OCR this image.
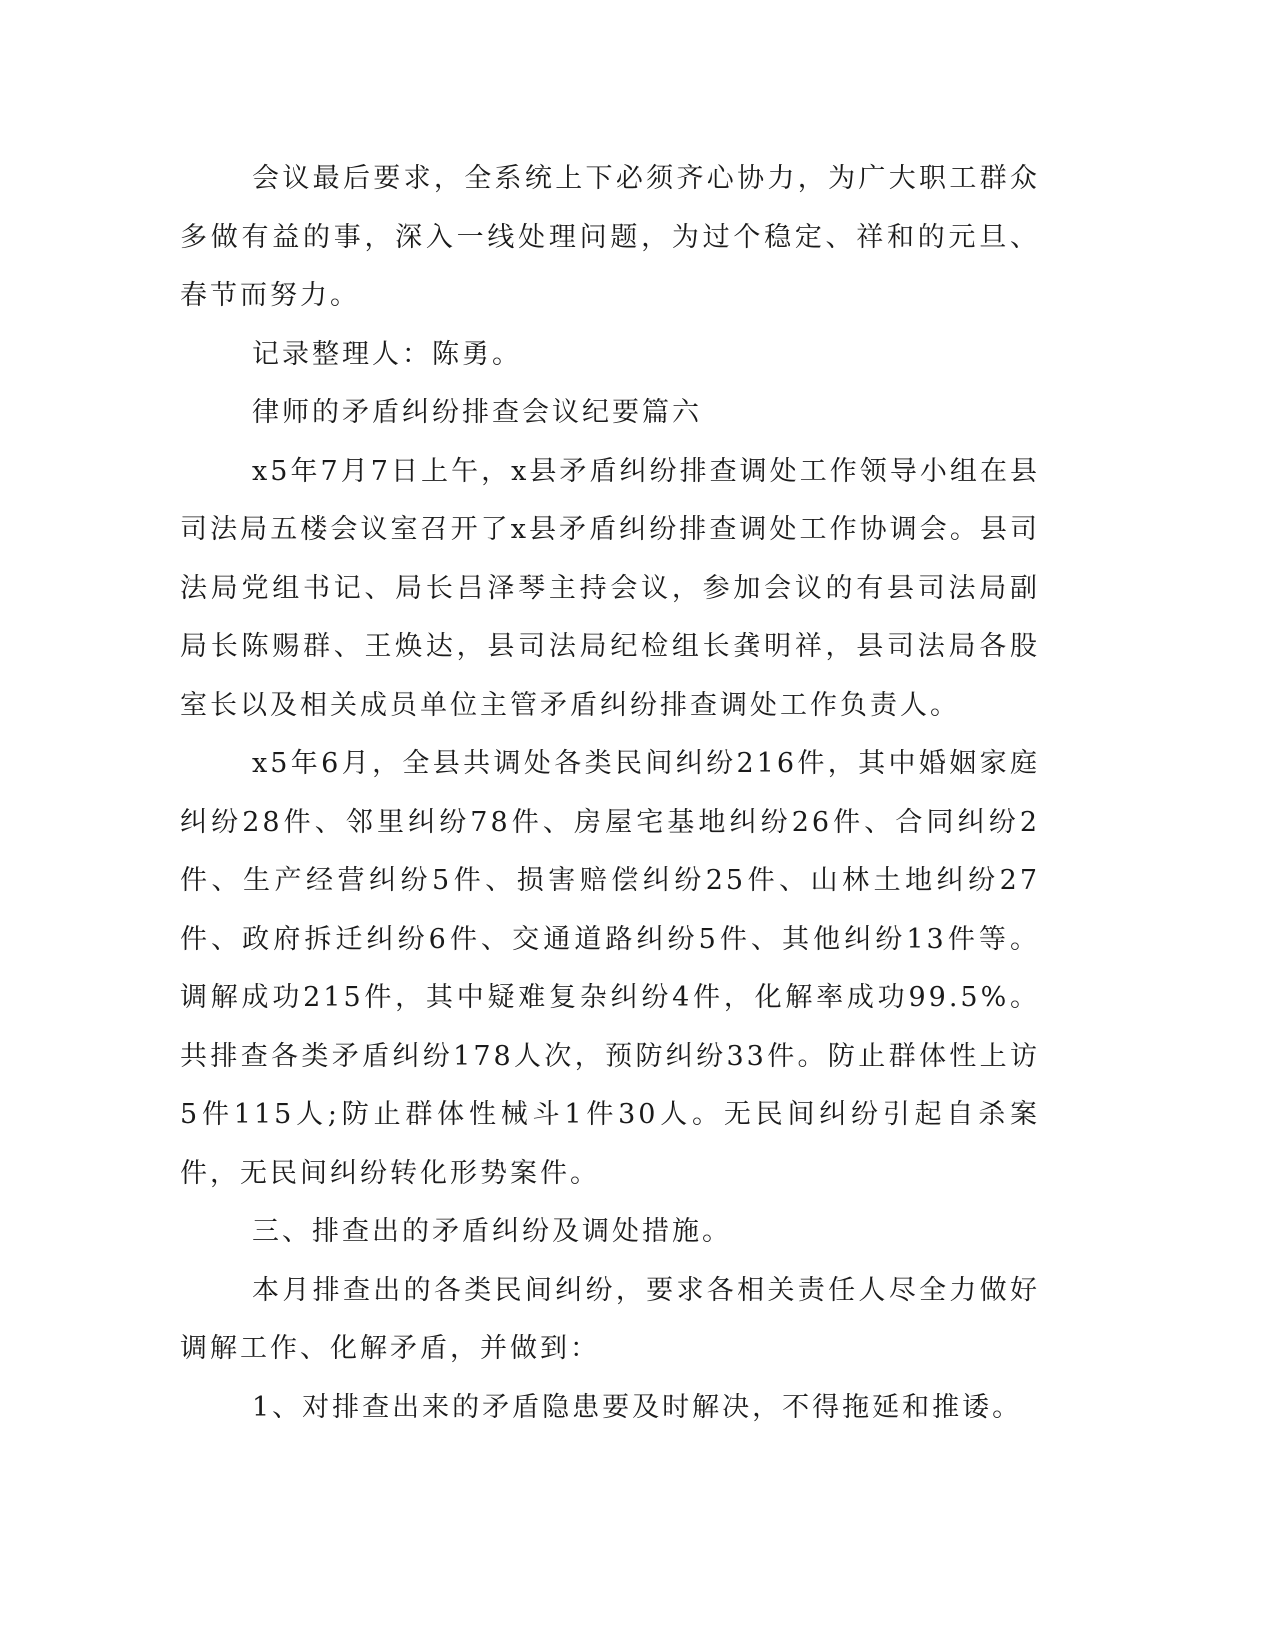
会议最后要求，全系统上下必须齐心协力，为广大职工群众多做有益的事，深入一线处理问题，为过个稳定、祥和的元旦、春节而努力。

记录整理人：陈勇。

律师的矛盾纠纷排查会议纪要篇六

x5年7月7日上午，x县矛盾纠纷排查调处工作领导小组在县司法局五楼会议室召开了x县矛盾纠纷排查调处工作协调会。县司法局党组书记、局长吕泽琴主持会议，参加会议的有县司法局副局长陈赐群、王焕达，县司法局纪检组长龚明祥，县司法局各股室长以及相关成员单位主管矛盾纠纷排查调处工作负责人。

x5年6月，全县共调处各类民间纠纷216件，其中婚姻家庭纠纷28件、邻里纠纷78件、房屋宅基地纠纷26件、合同纠纷2件、生产经营纠纷5件、损害赔偿纠纷25件、山林土地纠纷27件、政府拆迁纠纷6件、交通道路纠纷5件、其他纠纷13件等。调解成功215件，其中疑难复杂纠纷4件，化解率成功99.5%。共排查各类矛盾纠纷178人次，预防纠纷33件。防止群体性上访5件115人;防止群体性械斗1件30人。无民间纠纷引起自杀案件，无民间纠纷转化形势案件。

三、排查出的矛盾纠纷及调处措施。

本月排查出的各类民间纠纷，要求各相关责任人尽全力做好调解工作、化解矛盾，并做到：

1、对排查出来的矛盾隐患要及时解决，不得拖延和推诿。
